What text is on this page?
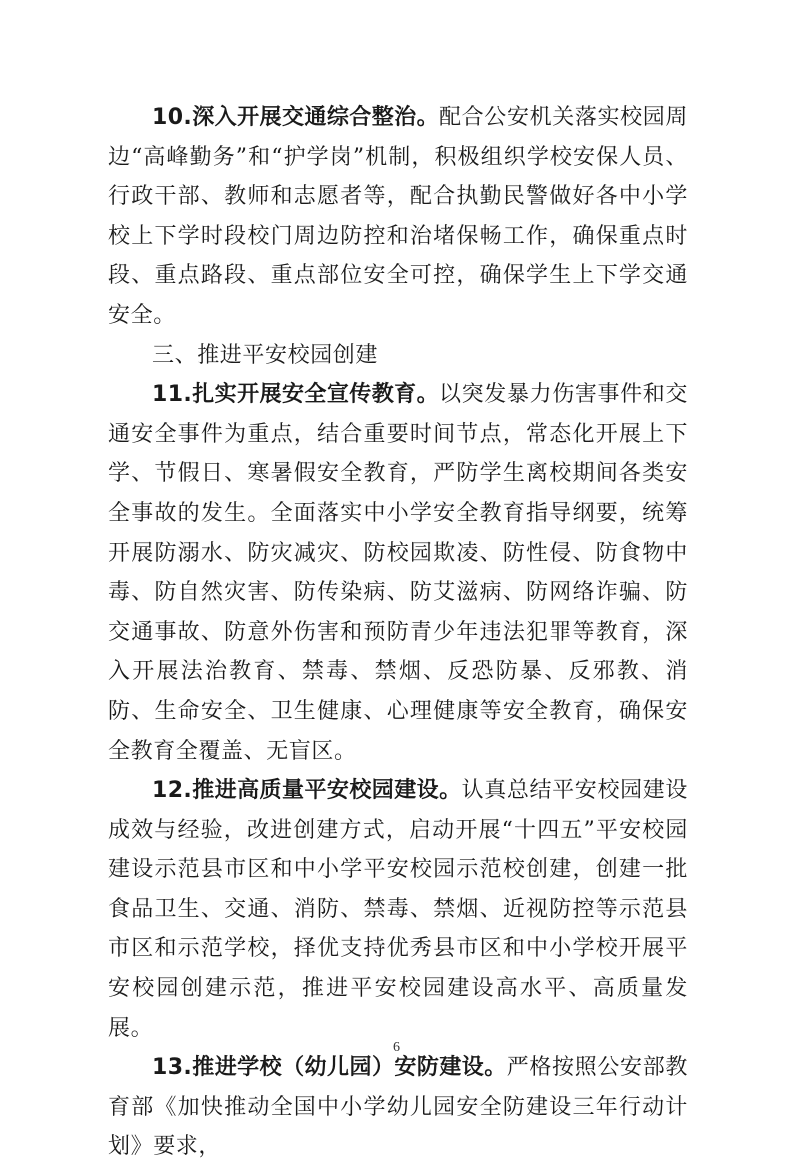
10.深入开展交通综合整治。配合公安机关落实校园周边“高峰勤务”和“护学岗”机制，积极组织学校安保人员、行政干部、教师和志愿者等，配合执勤民警做好各中小学校上下学时段校门周边防控和治堵保畅工作，确保重点时段、重点路段、重点部位安全可控，确保学生上下学交通安全。

三、推进平安校园创建

11.扎实开展安全宣传教育。以突发暴力伤害事件和交通安全事件为重点，结合重要时间节点，常态化开展上下学、节假日、寒暑假安全教育，严防学生离校期间各类安全事故的发生。全面落实中小学安全教育指导纲要，统筹开展防溺水、防灾减灾、防校园欺凌、防性侵、防食物中毒、防自然灾害、防传染病、防艾滋病、防网络诈骗、防交通事故、防意外伤害和预防青少年违法犯罪等教育，深入开展法治教育、禁毒、禁烟、反恐防暴、反邪教、消防、生命安全、卫生健康、心理健康等安全教育，确保安全教育全覆盖、无盲区。

12.推进高质量平安校园建设。认真总结平安校园建设成效与经验，改进创建方式，启动开展“十四五”平安校园建设示范县市区和中小学平安校园示范校创建，创建一批食品卫生、交通、消防、禁毒、禁烟、近视防控等示范县市区和示范学校，择优支持优秀县市区和中小学校开展平安校园创建示范，推进平安校园建设高水平、高质量发展。

13.推进学校（幼儿园）安防建设。严格按照公安部教育部《加快推动全国中小学幼儿园安全防建设三年行动计划》要求，

6
